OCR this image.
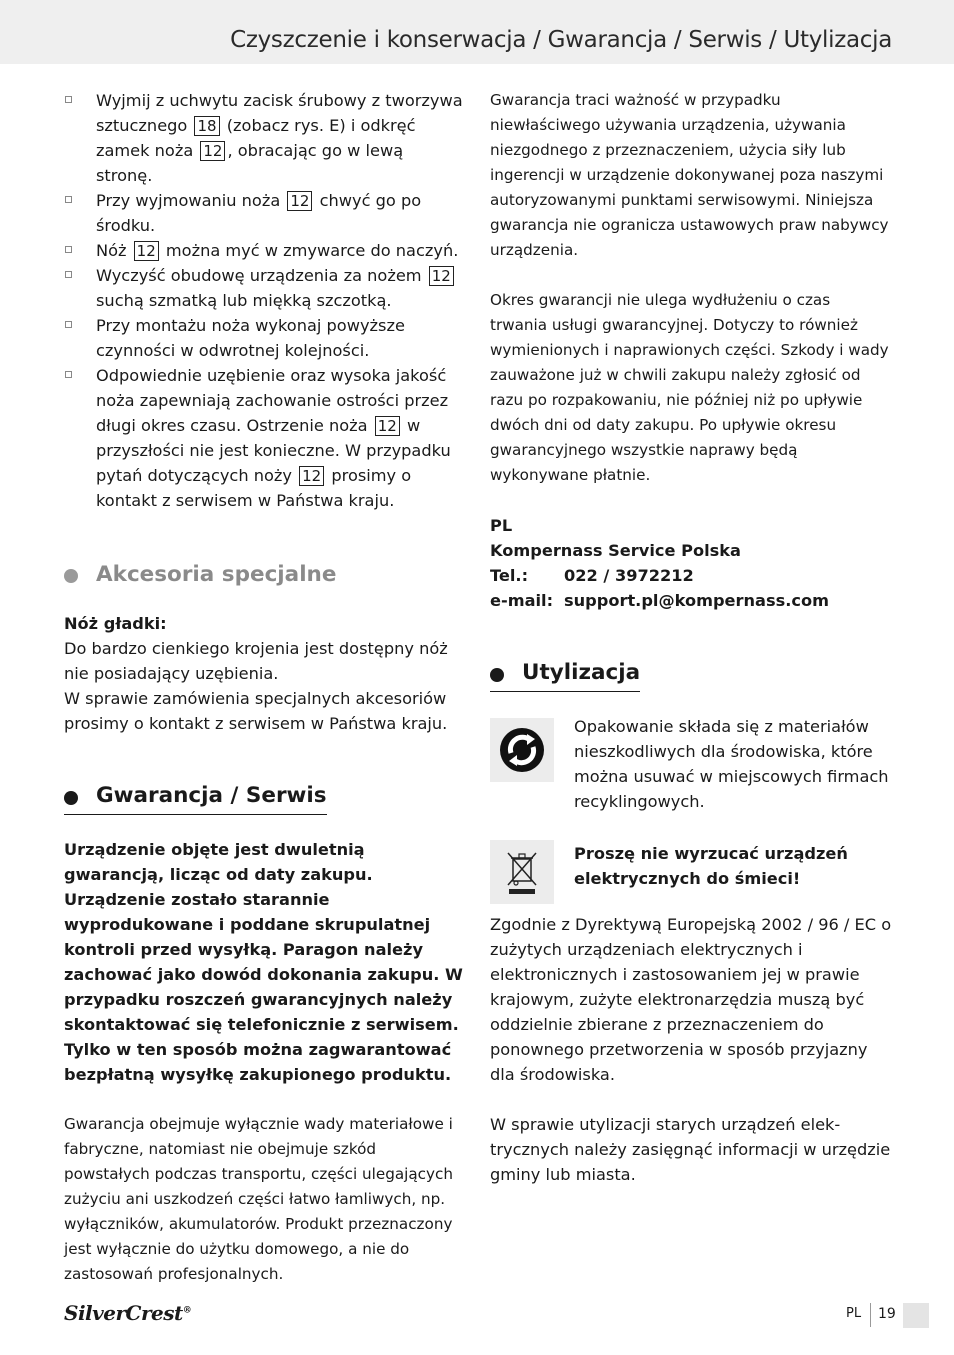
Czyszczenie i konserwacja / Gwarancja / Serwis / Utylizacja
Wyjmij z uchwytu zacisk śrubowy z tworzywa sztucznego 18 (zobacz rys. E) i odkręć zamek noża 12 , obracając go w lewą stronę.
Przy wyjmowaniu noża 12 chwyć go po środku.
Nóż 12 można myć w zmywarce do naczyń.
Wyczyść obudowę urządzenia za nożem 12 suchą szmatką lub miękką szczotką.
Przy montażu noża wykonaj powyższe czynności w odwrotnej kolejności.
Odpowiednie uzębienie oraz wysoka jakość noża zapewniają zachowanie ostrości przez długi okres czasu. Ostrzenie noża 12 w przyszłości nie jest konieczne. W przypadku pytań dotyczących noży 12 prosimy o kontakt z serwisem w Państwa kraju.
Akcesoria specjalne

Nóż gładki:

Do bardzo cienkiego krojenia jest dostępny nóż nie posiadający uzębienia.

W sprawie zamówienia specjalnych akcesoriów prosimy o kontakt z serwisem w Państwa kraju.

Gwarancja / Serwis

Urządzenie objęte jest dwuletnią gwarancją, licząc od daty zakupu. Urządzenie zostało starannie wyprodukowane i poddane skrupulatnej kontroli przed wysyłką. Paragon należy zachować jako dowód dokonania zakupu. W przypadku roszczeń gwarancyjnych należy skontaktować się telefonicznie z serwisem. Tylko w ten sposób można zagwarantować bezpłatną wysyłkę zakupionego produktu.

Gwarancja obejmuje wyłącznie wady materiałowe i fabryczne, natomiast nie obejmuje szkód powstałych podczas transportu, części ulegających zużyciu ani uszkodzeń części łatwo łamliwych, np. wyłączników, akumulatorów. Produkt przeznaczony jest wyłącznie do użytku domowego, a nie do zastosowań profesjonalnych.

Gwarancja traci ważność w przypadku niewłaściwego używania urządzenia, używania niezgodnego z przeznaczeniem, użycia siły lub ingerencji w urządzenie dokonywanej poza naszymi autoryzowanymi punktami serwisowymi. Niniejsza gwarancja nie ogranicza ustawowych praw nabywcy urządzenia.

Okres gwarancji nie ulega wydłużeniu o czas trwania usługi gwarancyjnej. Dotyczy to również wymienionych i naprawionych części. Szkody i wady zauważone już w chwili zakupu należy zgłosić od razu po rozpakowaniu, nie później niż po upływie dwóch dni od daty zakupu. Po upływie okresu gwarancyjnego wszystkie naprawy będą wykonywane płatnie.

PL

Kompernass Service Polska

Tel.: 022 / 3972212

e-mail: support.pl@kompernass.com

Utylizacja

Opakowanie składa się z materiałów nieszkodliwych dla środowiska, które można usuwać w miejscowych firmach recyklingowych.

Proszę nie wyrzucać urządzeń elektrycznych do śmieci!

Zgodnie z Dyrektywą Europejską 2002 / 96 / EC o zużytych urządzeniach elektrycznych i elektronicznych i zastosowaniem jej w prawie krajowym, zużyte elektronarzędzia muszą być oddzielnie zbierane z przeznaczeniem do ponownego przetworzenia w sposób przyjazny dla środowiska.

W sprawie utylizacji starych urządzeń elek-trycznych należy zasięgnąć informacji w urzędzie gminy lub miasta.

SilverCrest®	PL 19
